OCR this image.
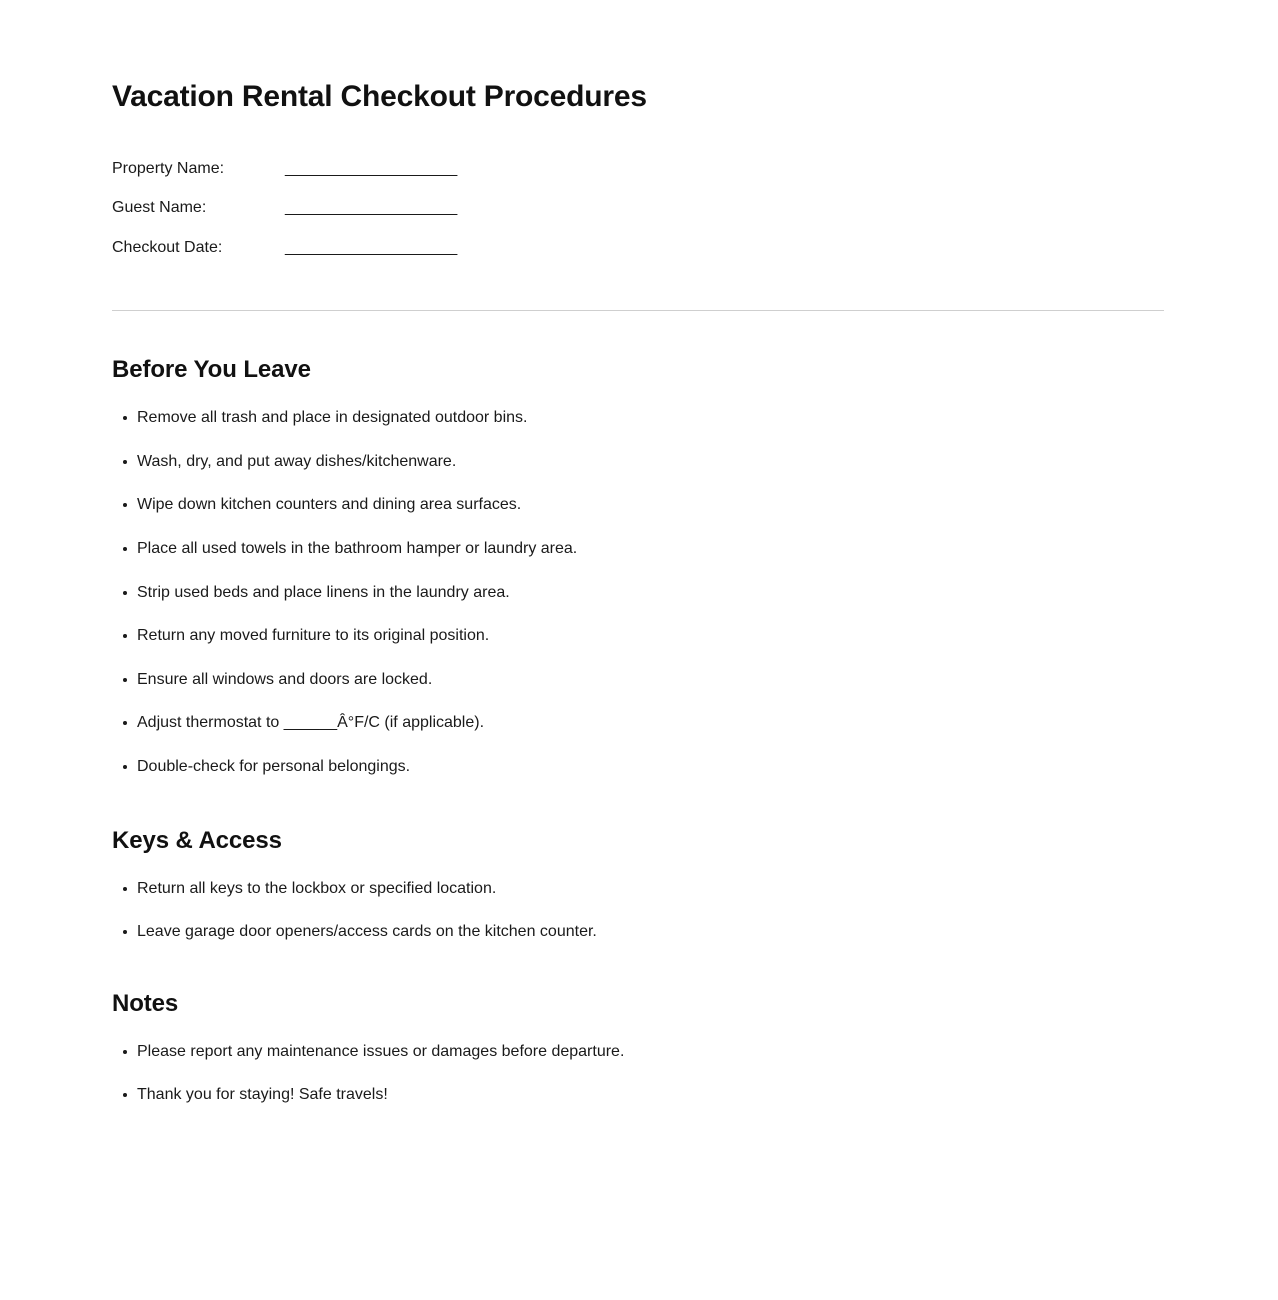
Vacation Rental Checkout Procedures
Property Name:	____________________
Guest Name:	____________________
Checkout Date:	____________________
Before You Leave
Remove all trash and place in designated outdoor bins.
Wash, dry, and put away dishes/kitchenware.
Wipe down kitchen counters and dining area surfaces.
Place all used towels in the bathroom hamper or laundry area.
Strip used beds and place linens in the laundry area.
Return any moved furniture to its original position.
Ensure all windows and doors are locked.
Adjust thermostat to ______Â°F/C (if applicable).
Double-check for personal belongings.
Keys & Access
Return all keys to the lockbox or specified location.
Leave garage door openers/access cards on the kitchen counter.
Notes
Please report any maintenance issues or damages before departure.
Thank you for staying! Safe travels!
